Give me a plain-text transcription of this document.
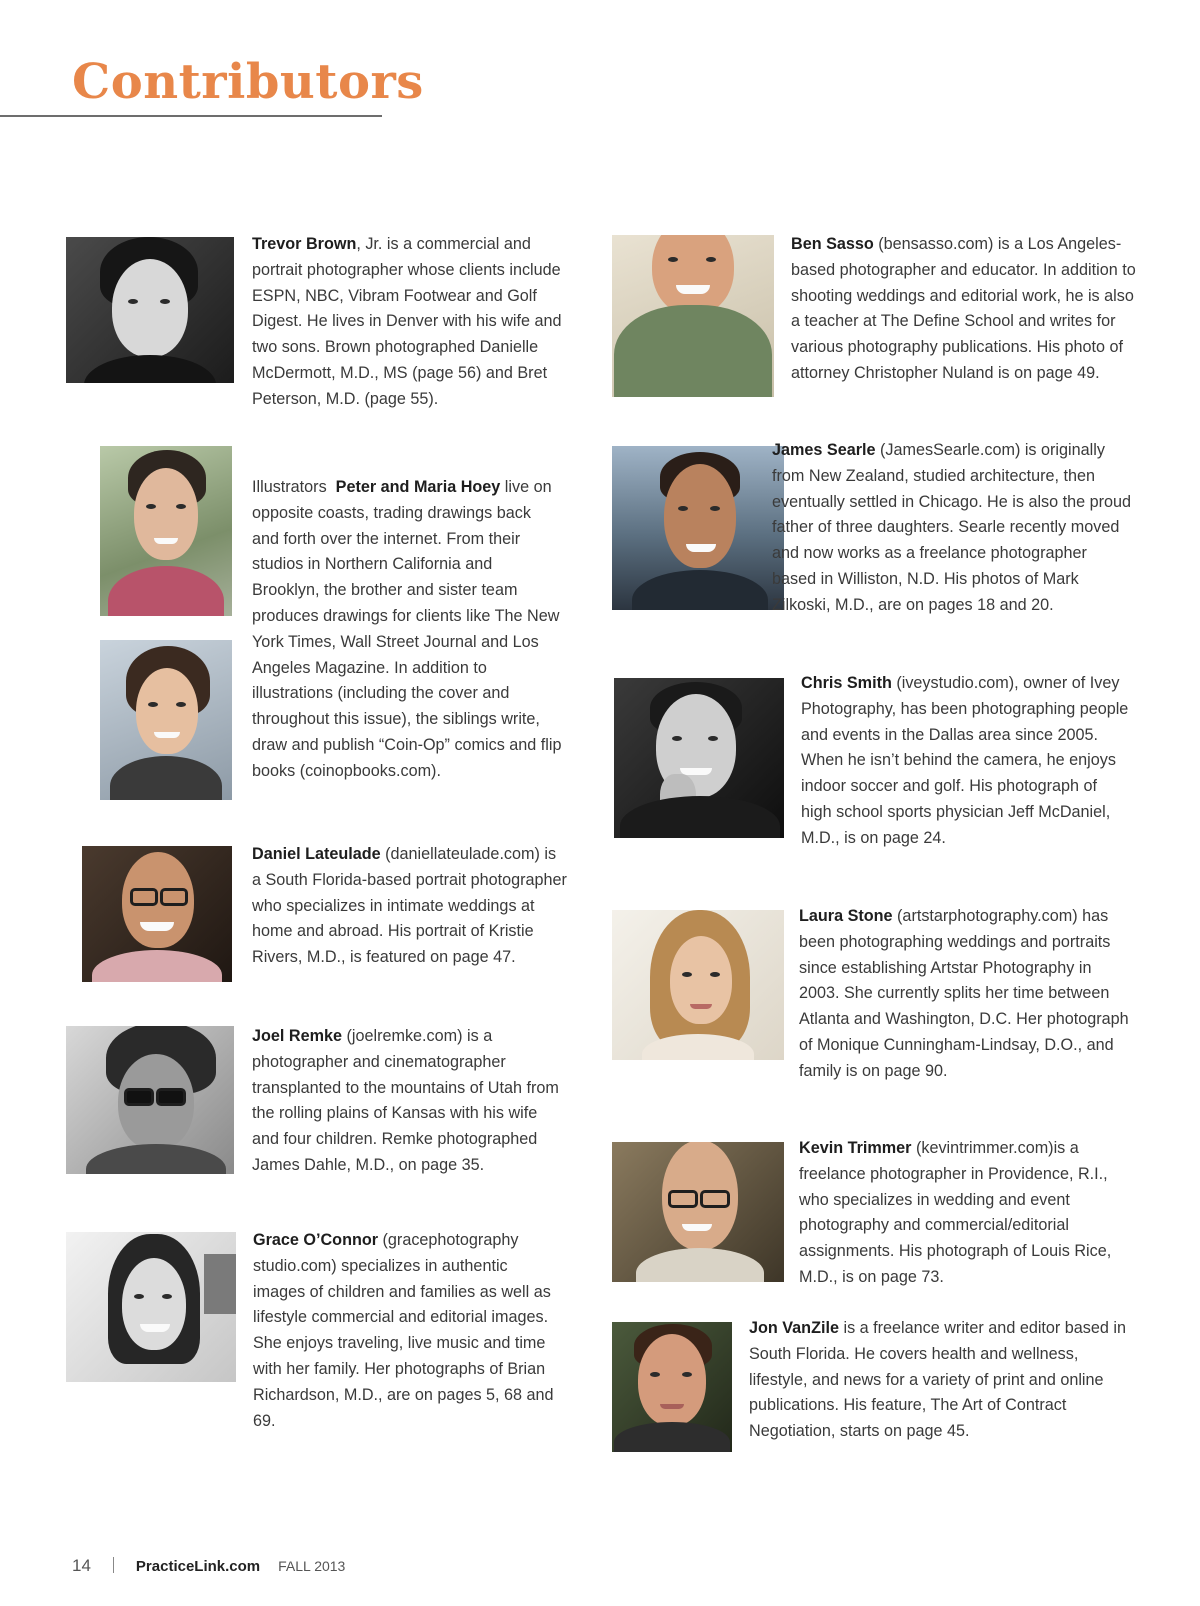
Contributors

Trevor Brown, Jr. is a commercial and portrait photographer whose clients include ESPN, NBC, Vibram Footwear and Golf Digest. He lives in Denver with his wife and two sons. Brown photographed Danielle McDermott, M.D., MS (page 56) and Bret Peterson, M.D. (page 55).

Illustrators  Peter and Maria Hoey live on opposite coasts, trading drawings back and forth over the internet. From their studios in Northern California and Brooklyn, the brother and sister team produces drawings for clients like The New York Times, Wall Street Journal and Los Angeles Magazine. In addition to illustrations (including the cover and throughout this issue), the siblings write, draw and publish “Coin-Op” comics and flip books (coinopbooks.com).

Daniel Lateulade (daniellateulade.com) is a South Florida-based portrait photographer who specializes in intimate weddings at home and abroad. His portrait of Kristie Rivers, M.D., is featured on page 47.

Joel Remke (joelremke.com) is a photographer and cinematographer transplanted to the mountains of Utah from the rolling plains of Kansas with his wife and four children. Remke photographed James Dahle, M.D., on page 35.

Grace O’Connor (gracephotography studio.com) specializes in authentic images of children and families as well as lifestyle commercial and editorial images. She enjoys traveling, live music and time with her family. Her photographs of Brian Richardson, M.D., are on pages 5, 68 and 69.

Ben Sasso (bensasso.com) is a Los Angeles-based photographer and educator. In addition to shooting weddings and editorial work, he is also a teacher at The Define School and writes for various photography publications. His photo of attorney Christopher Nuland is on page 49.

James Searle (JamesSearle.com) is originally from New Zealand, studied architecture, then eventually settled in Chicago. He is also the proud father of three daughters. Searle recently moved and now works as a freelance photographer based in Williston, N.D. His photos of Mark Zilkoski, M.D., are on pages 18 and 20.

Chris Smith (iveystudio.com), owner of Ivey Photography, has been photographing people and events in the Dallas area since 2005. When he isn’t behind the camera, he enjoys indoor soccer and golf. His photograph of high school sports physician Jeff McDaniel, M.D., is on page 24.

Laura Stone (artstarphotography.com) has been photographing weddings and portraits since establishing Artstar Photography in 2003. She currently splits her time between Atlanta and Washington, D.C. Her photograph of Monique Cunningham-Lindsay, D.O., and family is on page 90.

Kevin Trimmer (kevintrimmer.com)is a freelance photographer in Providence, R.I., who specializes in wedding and event photography and commercial/editorial assignments. His photograph of Louis Rice, M.D., is on page 73.

Jon VanZile is a freelance writer and editor based in South Florida. He covers health and wellness, lifestyle, and news for a variety of print and online publications. His feature, The Art of Contract Negotiation, starts on page 45.

14	PracticeLink.com FALL 2013
